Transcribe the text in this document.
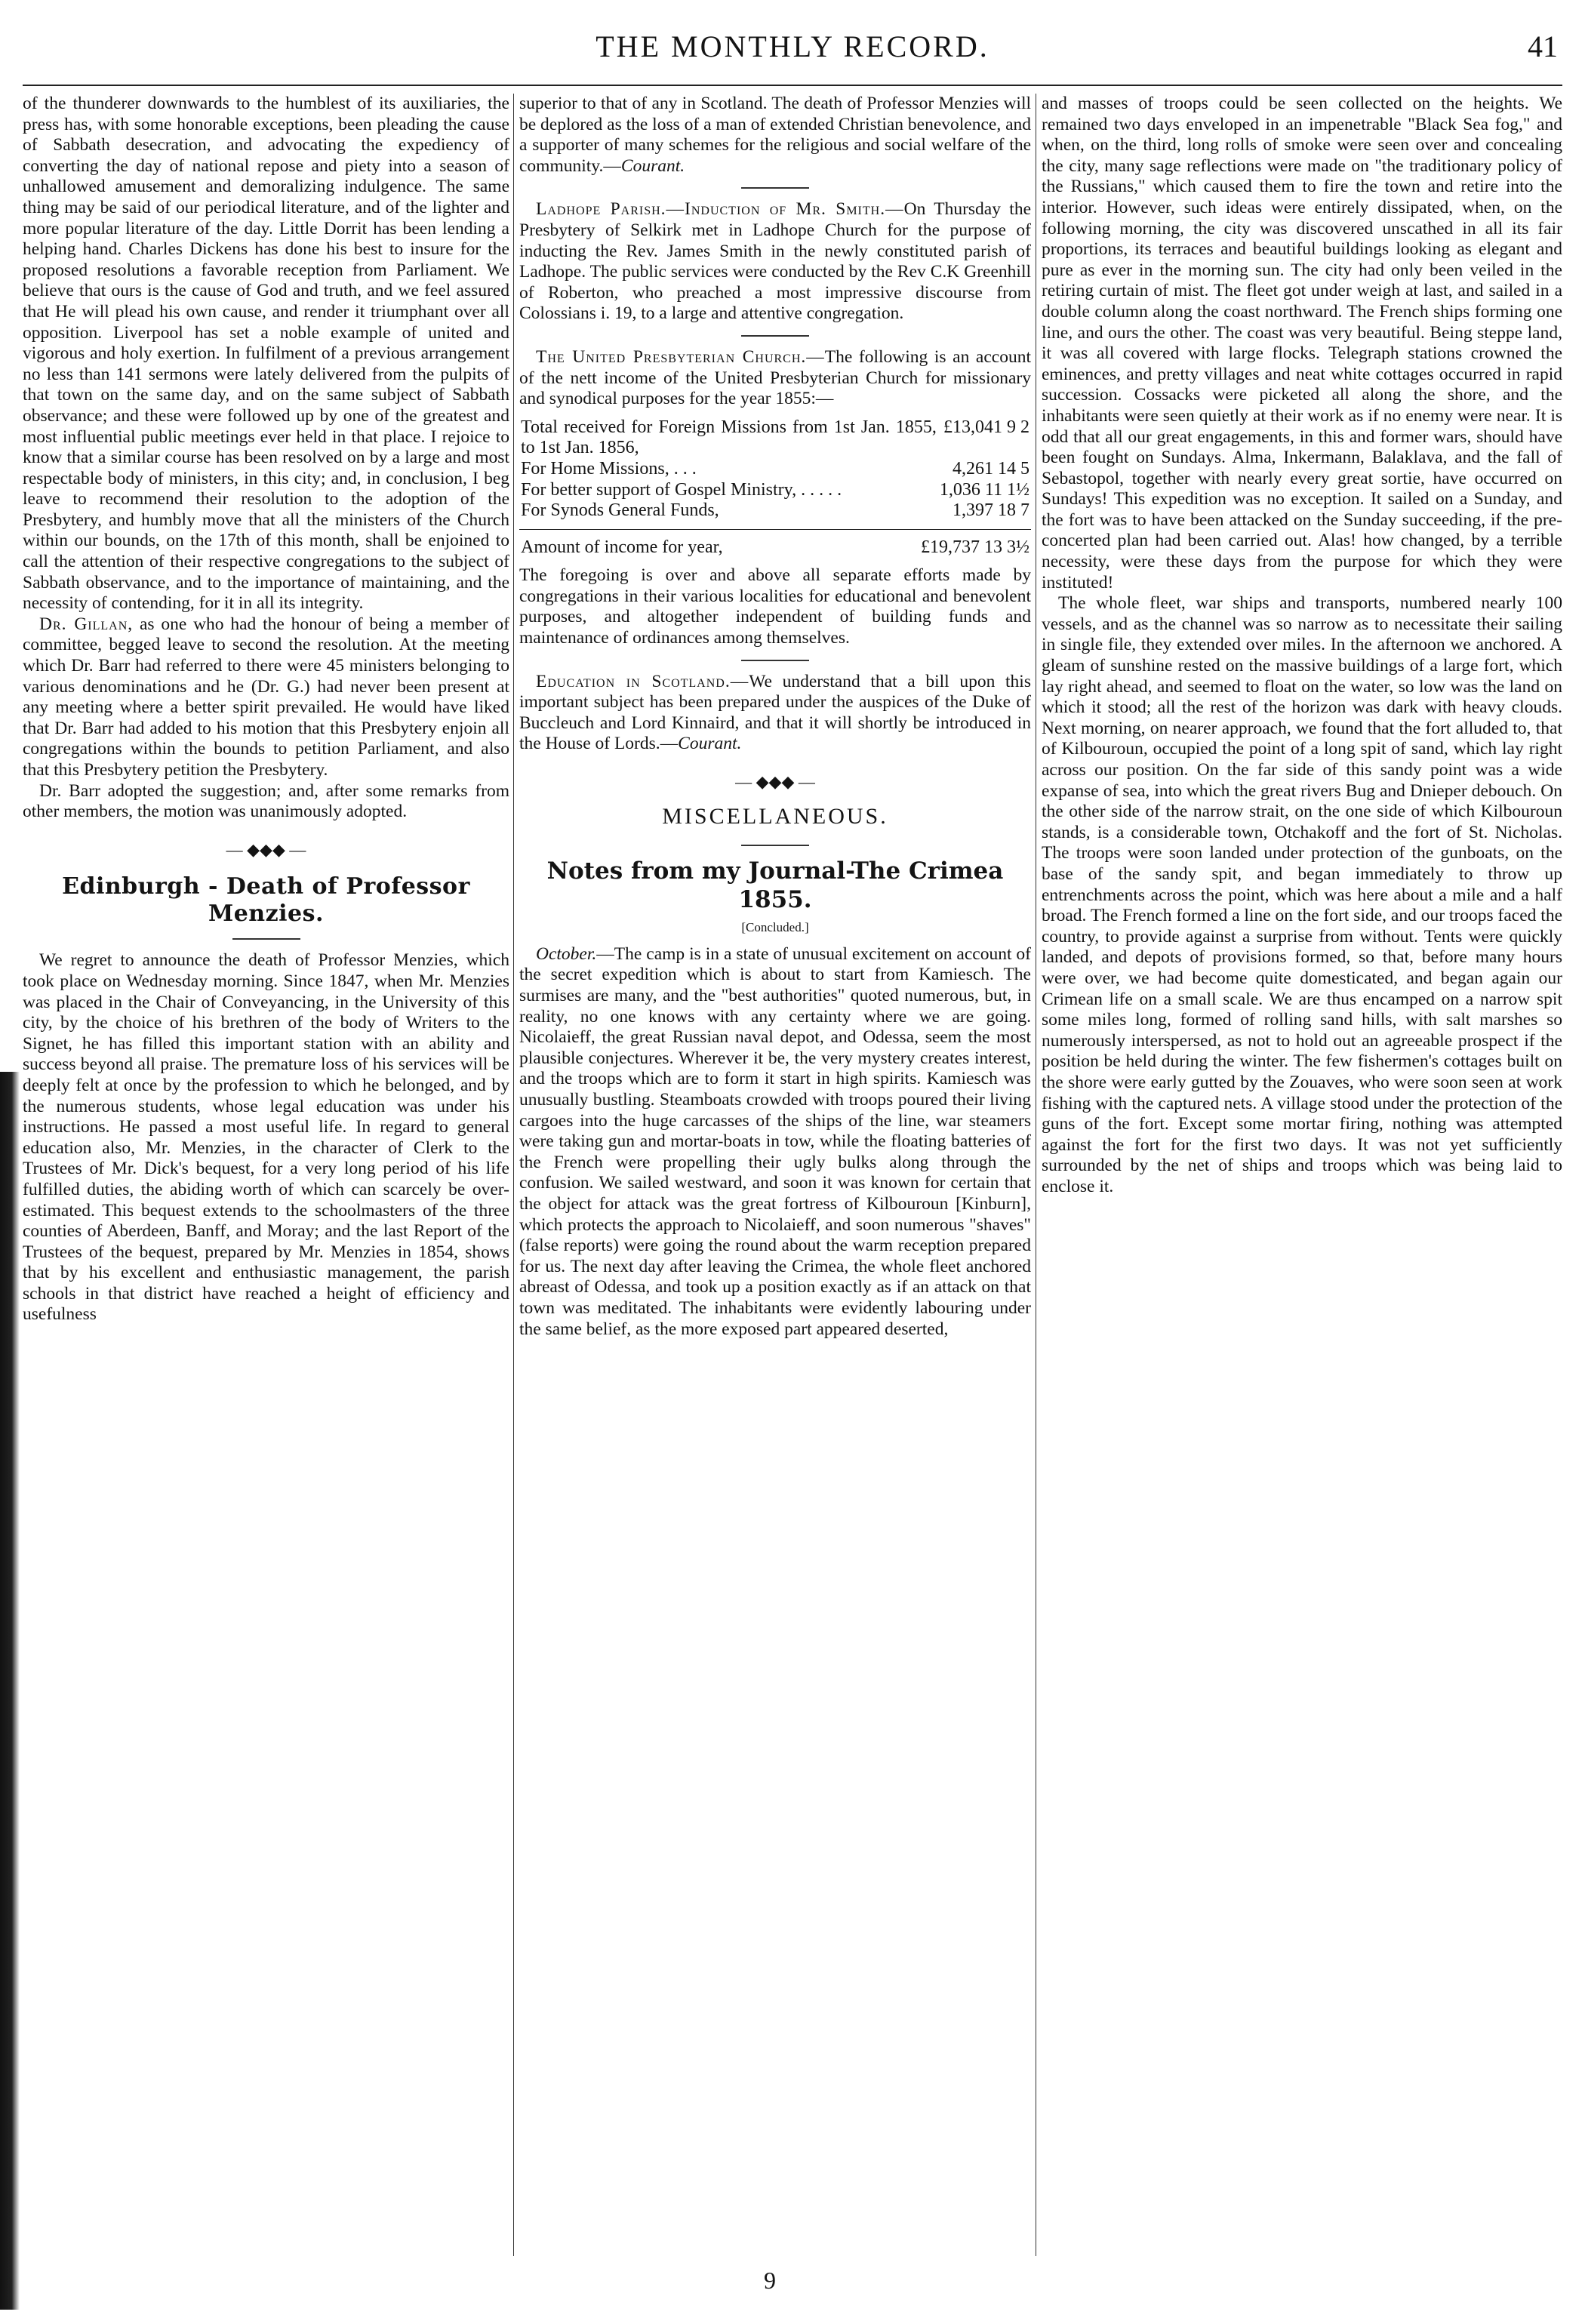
THE MONTHLY RECORD.	41

of the thunderer downwards to the humblest of its auxiliaries, the press has, with some honorable exceptions, been pleading the cause of Sabbath desecration, and advocating the expediency of converting the day of national repose and piety into a season of unhallowed amusement and demoralizing indulgence. The same thing may be said of our periodical literature, and of the lighter and more popular literature of the day. Little Dorrit has been lending a helping hand. Charles Dickens has done his best to insure for the proposed resolutions a favorable reception from Parliament. We believe that ours is the cause of God and truth, and we feel assured that He will plead his own cause, and render it triumphant over all opposition. Liverpool has set a noble example of united and vigorous and holy exertion. In fulfilment of a previous arrangement no less than 141 sermons were lately delivered from the pulpits of that town on the same day, and on the same subject of Sabbath observance; and these were followed up by one of the greatest and most influential public meetings ever held in that place. I rejoice to know that a similar course has been resolved on by a large and most respectable body of ministers, in this city; and, in conclusion, I beg leave to recommend their resolution to the adoption of the Presbytery, and humbly move that all the ministers of the Church within our bounds, on the 17th of this month, shall be enjoined to call the attention of their respective congregations to the subject of Sabbath observance, and to the importance of maintaining, and the necessity of contending, for it in all its integrity.

Dr. Gillan, as one who had the honour of being a member of committee, begged leave to second the resolution. At the meeting which Dr. Barr had referred to there were 45 ministers belonging to various denominations and he (Dr. G.) had never been present at any meeting where a better spirit prevailed. He would have liked that Dr. Barr had added to his motion that this Presbytery enjoin all congregations within the bounds to petition Parliament, and also that this Presbytery petition the Presbytery.

Dr. Barr adopted the suggestion; and, after some remarks from other members, the motion was unanimously adopted.

— ◆◆◆ —
Edinburgh - Death of Professor Menzies.

We regret to announce the death of Professor Menzies, which took place on Wednesday morning. Since 1847, when Mr. Menzies was placed in the Chair of Conveyancing, in the University of this city, by the choice of his brethren of the body of Writers to the Signet, he has filled this important station with an ability and success beyond all praise. The premature loss of his services will be deeply felt at once by the profession to which he belonged, and by the numerous students, whose legal education was under his instructions. He passed a most useful life. In regard to general education also, Mr. Menzies, in the character of Clerk to the Trustees of Mr. Dick's bequest, for a very long period of his life fulfilled duties, the abiding worth of which can scarcely be over-estimated. This bequest extends to the schoolmasters of the three counties of Aberdeen, Banff, and Moray; and the last Report of the Trustees of the bequest, prepared by Mr. Menzies in 1854, shows that by his excellent and enthusiastic management, the parish schools in that district have reached a height of efficiency and usefulness

superior to that of any in Scotland. The death of Professor Menzies will be deplored as the loss of a man of extended Christian benevolence, and a supporter of many schemes for the religious and social welfare of the community.—Courant.

Ladhope Parish.—Induction of Mr. Smith.—On Thursday the Presbytery of Selkirk met in Ladhope Church for the purpose of inducting the Rev. James Smith in the newly constituted parish of Ladhope. The public services were conducted by the Rev C.K Greenhill of Roberton, who preached a most impressive discourse from Colossians i. 19, to a large and attentive congregation.

The United Presbyterian Church.—The following is an account of the nett income of the United Presbyterian Church for missionary and synodical purposes for the year 1855:—

Total received for Foreign Missions from 1st Jan. 1855, to 1st Jan. 1856,	£13,041 9 2
For Home Missions, . . .	4,261 14 5
For better support of Gospel Ministry, . . . . .	1,036 11 1½
For Synods General Funds,	1,397 18 7
Amount of income for year,	£19,737 13 3½

The foregoing is over and above all separate efforts made by congregations in their various localities for educational and benevolent purposes, and altogether independent of building funds and maintenance of ordinances among themselves.

Education in Scotland.—We understand that a bill upon this important subject has been prepared under the auspices of the Duke of Buccleuch and Lord Kinnaird, and that it will shortly be introduced in the House of Lords.—Courant.

— ◆◆◆ —
MISCELLANEOUS.
Notes from my Journal-The Crimea 1855.
[Concluded.]

October.—The camp is in a state of unusual excitement on account of the secret expedition which is about to start from Kamiesch. The surmises are many, and the "best authorities" quoted numerous, but, in reality, no one knows with any certainty where we are going. Nicolaieff, the great Russian naval depot, and Odessa, seem the most plausible conjectures. Wherever it be, the very mystery creates interest, and the troops which are to form it start in high spirits. Kamiesch was unusually bustling. Steamboats crowded with troops poured their living cargoes into the huge carcasses of the ships of the line, war steamers were taking gun and mortar-boats in tow, while the floating batteries of the French were propelling their ugly bulks along through the confusion. We sailed westward, and soon it was known for certain that the object for attack was the great fortress of Kilbouroun [Kinburn], which protects the approach to Nicolaieff, and soon numerous "shaves" (false reports) were going the round about the warm reception prepared for us. The next day after leaving the Crimea, the whole fleet anchored abreast of Odessa, and took up a position exactly as if an attack on that town was meditated. The inhabitants were evidently labouring under the same belief, as the more exposed part appeared deserted,

and masses of troops could be seen collected on the heights. We remained two days enveloped in an impenetrable "Black Sea fog," and when, on the third, long rolls of smoke were seen over and concealing the city, many sage reflections were made on "the traditionary policy of the Russians," which caused them to fire the town and retire into the interior. However, such ideas were entirely dissipated, when, on the following morning, the city was discovered unscathed in all its fair proportions, its terraces and beautiful buildings looking as elegant and pure as ever in the morning sun. The city had only been veiled in the retiring curtain of mist. The fleet got under weigh at last, and sailed in a double column along the coast northward. The French ships forming one line, and ours the other. The coast was very beautiful. Being steppe land, it was all covered with large flocks. Telegraph stations crowned the eminences, and pretty villages and neat white cottages occurred in rapid succession. Cossacks were picketed all along the shore, and the inhabitants were seen quietly at their work as if no enemy were near. It is odd that all our great engagements, in this and former wars, should have been fought on Sundays. Alma, Inkermann, Balaklava, and the fall of Sebastopol, together with nearly every great sortie, have occurred on Sundays! This expedition was no exception. It sailed on a Sunday, and the fort was to have been attacked on the Sunday succeeding, if the pre-concerted plan had been carried out. Alas! how changed, by a terrible necessity, were these days from the purpose for which they were instituted!

The whole fleet, war ships and transports, numbered nearly 100 vessels, and as the channel was so narrow as to necessitate their sailing in single file, they extended over miles. In the afternoon we anchored. A gleam of sunshine rested on the massive buildings of a large fort, which lay right ahead, and seemed to float on the water, so low was the land on which it stood; all the rest of the horizon was dark with heavy clouds. Next morning, on nearer approach, we found that the fort alluded to, that of Kilbouroun, occupied the point of a long spit of sand, which lay right across our position. On the far side of this sandy point was a wide expanse of sea, into which the great rivers Bug and Dnieper debouch. On the other side of the narrow strait, on the one side of which Kilbouroun stands, is a considerable town, Otchakoff and the fort of St. Nicholas. The troops were soon landed under protection of the gunboats, on the base of the sandy spit, and began immediately to throw up entrenchments across the point, which was here about a mile and a half broad. The French formed a line on the fort side, and our troops faced the country, to provide against a surprise from without. Tents were quickly landed, and depots of provisions formed, so that, before many hours were over, we had become quite domesticated, and began again our Crimean life on a small scale. We are thus encamped on a narrow spit some miles long, formed of rolling sand hills, with salt marshes so numerously interspersed, as not to hold out an agreeable prospect if the position be held during the winter. The few fishermen's cottages built on the shore were early gutted by the Zouaves, who were soon seen at work fishing with the captured nets. A village stood under the protection of the guns of the fort. Except some mortar firing, nothing was attempted against the fort for the first two days. It was not yet sufficiently surrounded by the net of ships and troops which was being laid to enclose it.

9
